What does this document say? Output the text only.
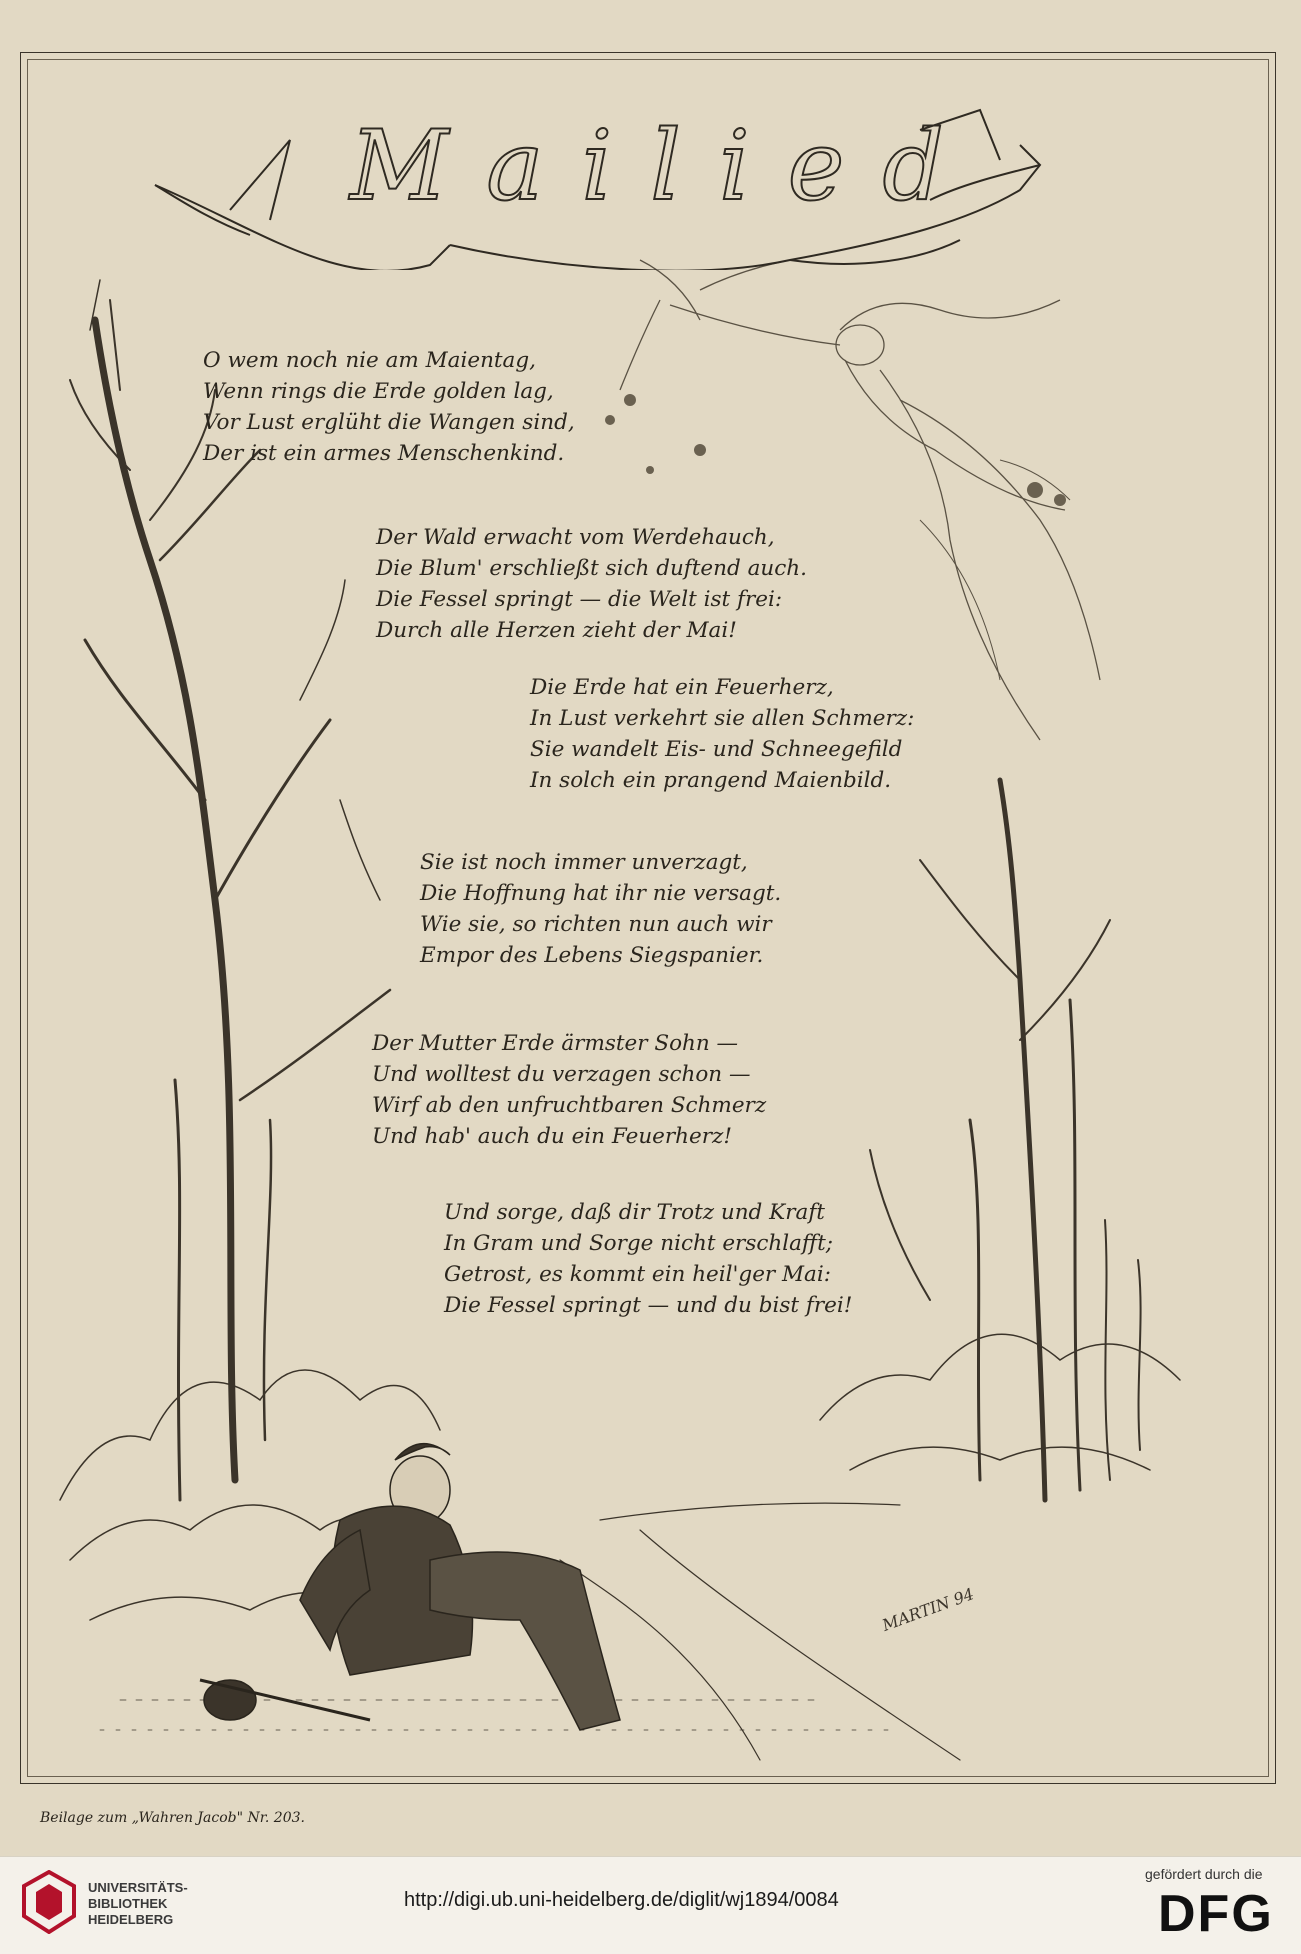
Mailied
O wem noch nie am Maientag,
Wenn rings die Erde golden lag,
Vor Lust erglüht die Wangen sind,
Der ist ein armes Menschenkind.
Der Wald erwacht vom Werdehauch,
Die Blum' erschließt sich duftend auch.
Die Fessel springt — die Welt ist frei:
Durch alle Herzen zieht der Mai!
Die Erde hat ein Feuerherz,
In Lust verkehrt sie allen Schmerz:
Sie wandelt Eis- und Schneegefild
In solch ein prangend Maienbild.
Sie ist noch immer unverzagt,
Die Hoffnung hat ihr nie versagt.
Wie sie, so richten nun auch wir
Empor des Lebens Siegspanier.
Der Mutter Erde ärmster Sohn —
Und wolltest du verzagen schon —
Wirf ab den unfruchtbaren Schmerz
Und hab' auch du ein Feuerherz!
Und sorge, daß dir Trotz und Kraft
In Gram und Sorge nicht erschlafft;
Getrost, es kommt ein heil'ger Mai:
Die Fessel springt — und du bist frei!
MARTIN 94
Beilage zum „Wahren Jacob" Nr. 203.
UNIVERSITÄTS-
BIBLIOTHEK
HEIDELBERG
http://digi.ub.uni-heidelberg.de/diglit/wj1894/0084
gefördert durch die
DFG
